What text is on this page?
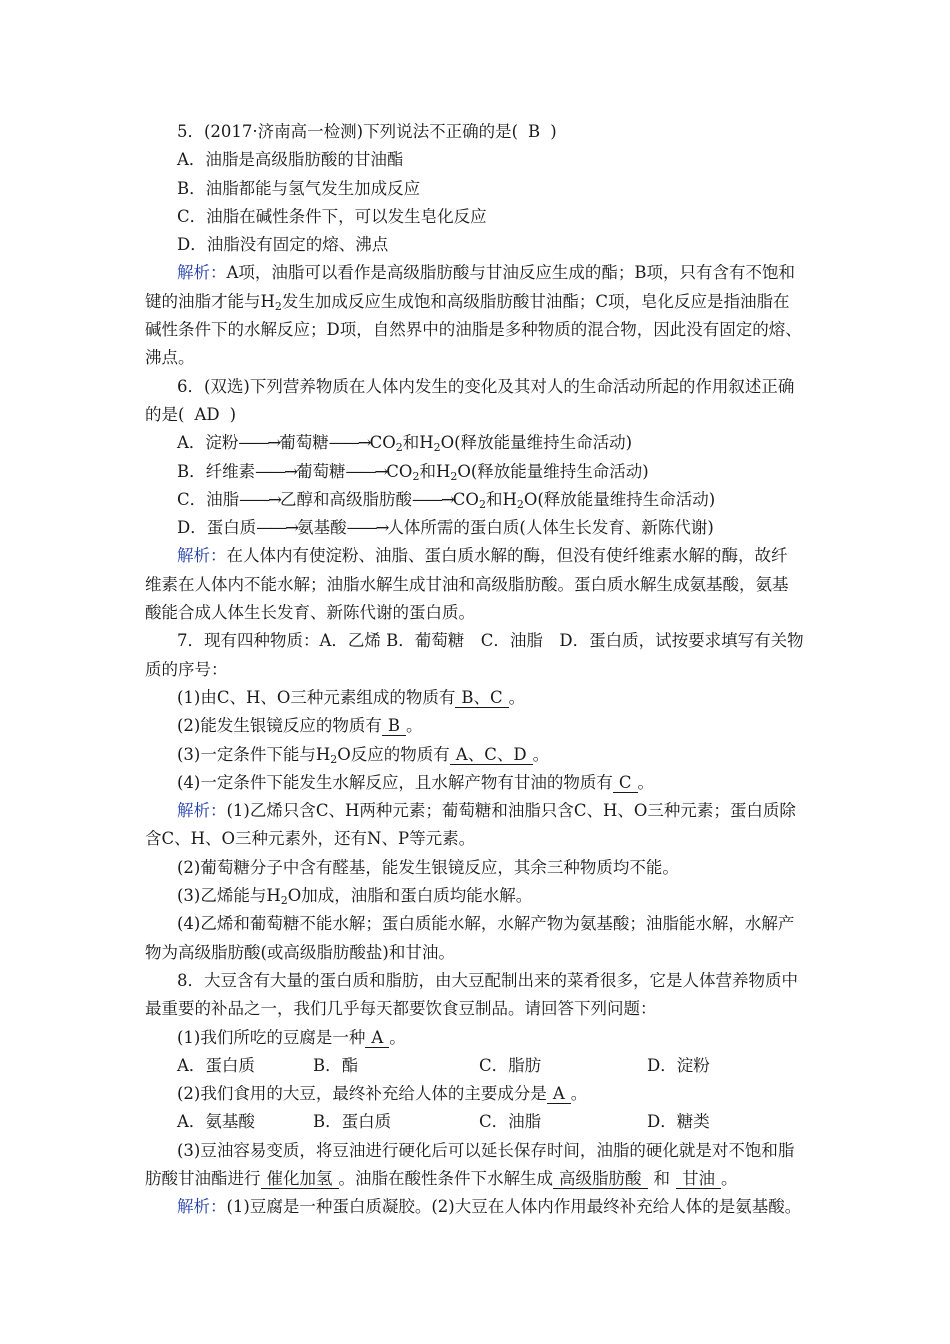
5．(2017·济南高一检测)下列说法不正确的是( B )
A．油脂是高级脂肪酸的甘油酯
B．油脂都能与氢气发生加成反应
C．油脂在碱性条件下，可以发生皂化反应
D．油脂没有固定的熔、沸点
解析：A项，油脂可以看作是高级脂肪酸与甘油反应生成的酯；B项，只有含有不饱和
键的油脂才能与$H_2$发生加成反应生成饱和高级脂肪酸甘油酯；C项，皂化反应是指油脂在
碱性条件下的水解反应；D项，自然界中的油脂是多种物质的混合物，因此没有固定的熔、
沸点。
6．(双选)下列营养物质在人体内发生的变化及其对人的生命活动所起的作用叙述正确
的是( AD )
A．淀粉——→葡萄糖$——\to CO_2$和$H_2O$(释放能量维持生命活动)
B．纤维素——→葡萄糖$——\to CO_2$和$H_2O$(释放能量维持生命活动)
C．油脂——→乙醇和高级脂肪酸$——\to CO_2$和$H_2O$(释放能量维持生命活动)
D．蛋白质——→氨基酸——→人体所需的蛋白质(人体生长发育、新陈代谢)
解析：在人体内有使淀粉、油脂、蛋白质水解的酶，但没有使纤维素水解的酶，故纤
维素在人体内不能水解；油脂水解生成甘油和高级脂肪酸。蛋白质水解生成氨基酸，氨基
酸能合成人体生长发育、新陈代谢的蛋白质。
7．现有四种物质：A．乙烯 B．葡萄糖　C．油脂　D．蛋白质，试按要求填写有关物
质的序号：
(1)由C、H、O三种元素组成的物质有 B、C 。
(2)能发生银镜反应的物质有 B 。
(3)一定条件下能与$H_2O$反应的物质有 A、C、D 。
(4)一定条件下能发生水解反应，且水解产物有甘油的物质有 C 。
解析：(1)乙烯只含C、H两种元素；葡萄糖和油脂只含C、H、O三种元素；蛋白质除
含C、H、O三种元素外，还有N、P等元素。
(2)葡萄糖分子中含有醛基，能发生银镜反应，其余三种物质均不能。
(3)乙烯能与$H_2O$加成，油脂和蛋白质均能水解。
(4)乙烯和葡萄糖不能水解；蛋白质能水解，水解产物为氨基酸；油脂能水解，水解产
物为高级脂肪酸(或高级脂肪酸盐)和甘油。
8．大豆含有大量的蛋白质和脂肪，由大豆配制出来的菜肴很多，它是人体营养物质中
最重要的补品之一，我们几乎每天都要饮食豆制品。请回答下列问题：
(1)我们所吃的豆腐是一种 A 。
A．蛋白质	B．酯	C．脂肪	D．淀粉
(2)我们食用的大豆，最终补充给人体的主要成分是 A 。
A．氨基酸	B．蛋白质	C．油脂	D．糖类
(3)豆油容易变质，将豆油进行硬化后可以延长保存时间，油脂的硬化就是对不饱和脂
肪酸甘油酯进行 催化加氢 。油脂在酸性条件下水解生成 高级脂肪酸 和 甘油 。
解析：(1)豆腐是一种蛋白质凝胶。(2)大豆在人体内作用最终补充给人体的是氨基酸。
